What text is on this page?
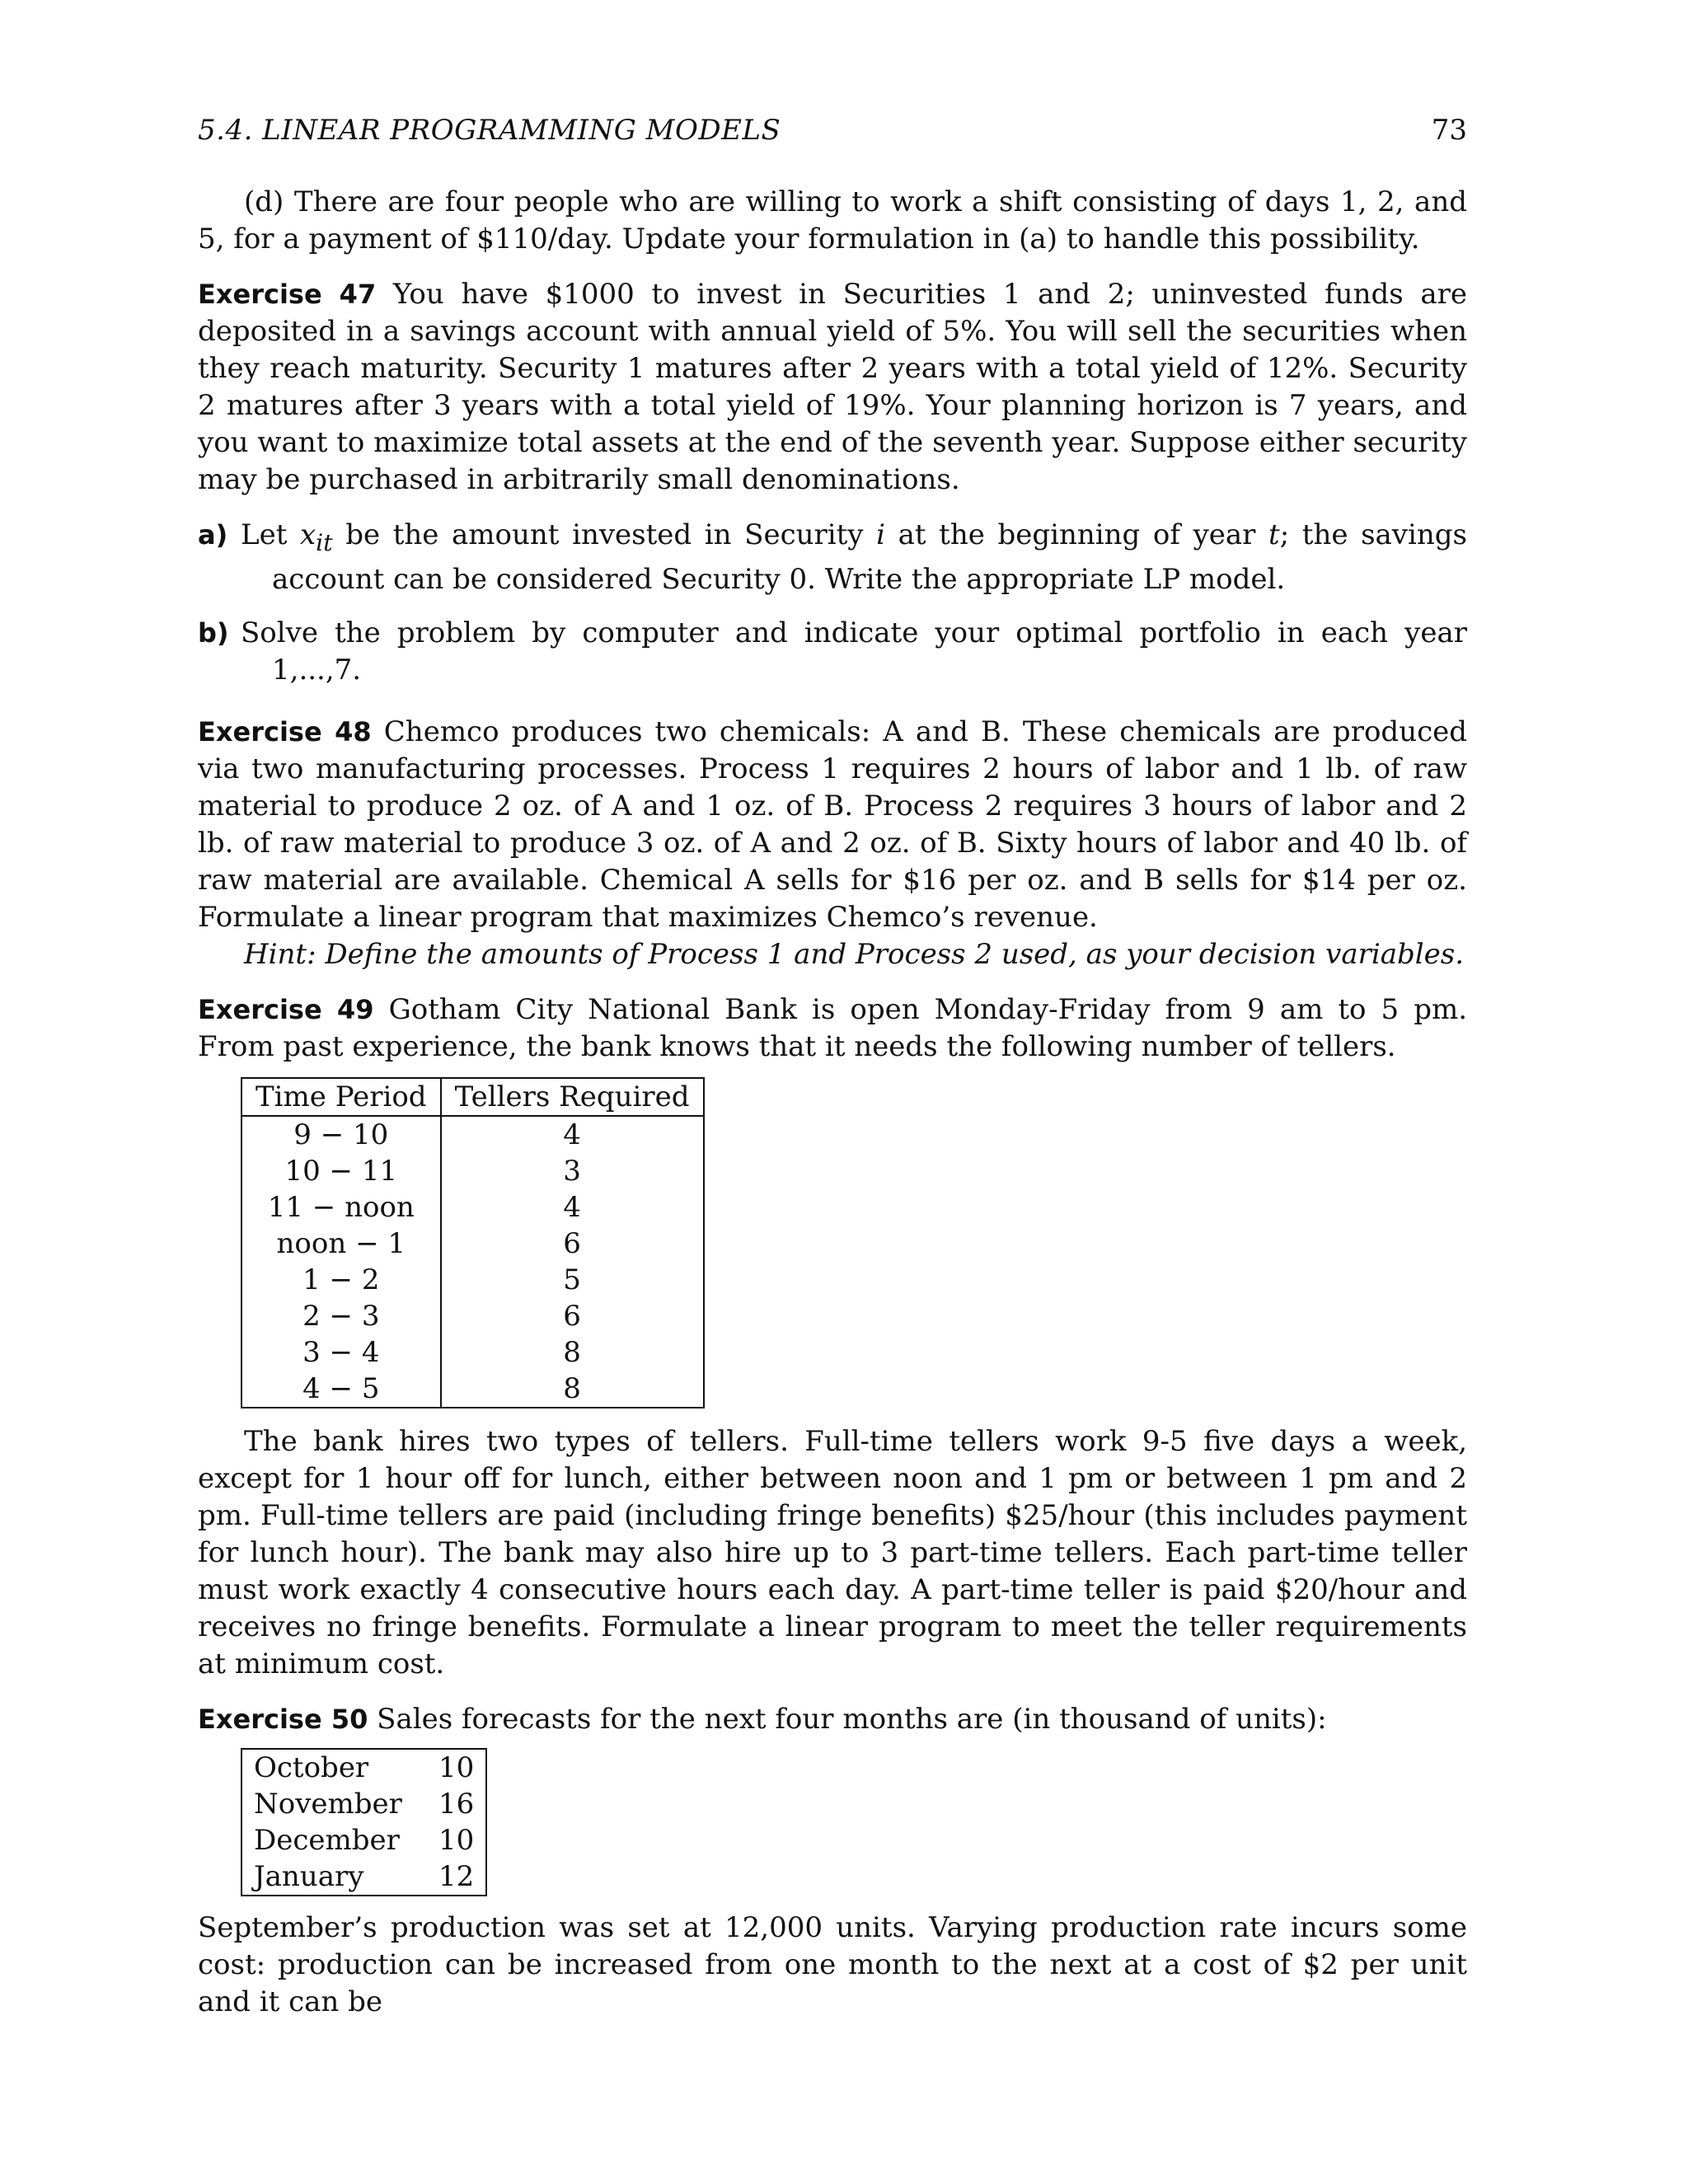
5.4. LINEAR PROGRAMMING MODELS	73

(d) There are four people who are willing to work a shift consisting of days 1, 2, and 5, for a payment of $110/day. Update your formulation in (a) to handle this possibility.

Exercise 47 You have $1000 to invest in Securities 1 and 2; uninvested funds are deposited in a savings account with annual yield of 5%. You will sell the securities when they reach maturity. Security 1 matures after 2 years with a total yield of 12%. Security 2 matures after 3 years with a total yield of 19%. Your planning horizon is 7 years, and you want to maximize total assets at the end of the seventh year. Suppose either security may be purchased in arbitrarily small denominations.

a) Let $x_{it}$ be the amount invested in Security i at the beginning of year t; the savings account can be considered Security 0. Write the appropriate LP model.

b) Solve the problem by computer and indicate your optimal portfolio in each year 1,...,7.

Exercise 48 Chemco produces two chemicals: A and B. These chemicals are produced via two manufacturing processes. Process 1 requires 2 hours of labor and 1 lb. of raw material to produce 2 oz. of A and 1 oz. of B. Process 2 requires 3 hours of labor and 2 lb. of raw material to produce 3 oz. of A and 2 oz. of B. Sixty hours of labor and 40 lb. of raw material are available. Chemical A sells for $16 per oz. and B sells for $14 per oz. Formulate a linear program that maximizes Chemco’s revenue.

Hint: Define the amounts of Process 1 and Process 2 used, as your decision variables.

Exercise 49 Gotham City National Bank is open Monday-Friday from 9 am to 5 pm. From past experience, the bank knows that it needs the following number of tellers.

Time Period	Tellers Required
9 − 10	4
10 − 11	3
11 − noon	4
noon − 1	6
1 − 2	5
2 − 3	6
3 − 4	8
4 − 5	8

The bank hires two types of tellers. Full-time tellers work 9-5 five days a week, except for 1 hour off for lunch, either between noon and 1 pm or between 1 pm and 2 pm. Full-time tellers are paid (including fringe benefits) $25/hour (this includes payment for lunch hour). The bank may also hire up to 3 part-time tellers. Each part-time teller must work exactly 4 consecutive hours each day. A part-time teller is paid $20/hour and receives no fringe benefits. Formulate a linear program to meet the teller requirements at minimum cost.

Exercise 50 Sales forecasts for the next four months are (in thousand of units):

October	10
November	16
December	10
January	12

September’s production was set at 12,000 units. Varying production rate incurs some cost: production can be increased from one month to the next at a cost of $2 per unit and it can be
